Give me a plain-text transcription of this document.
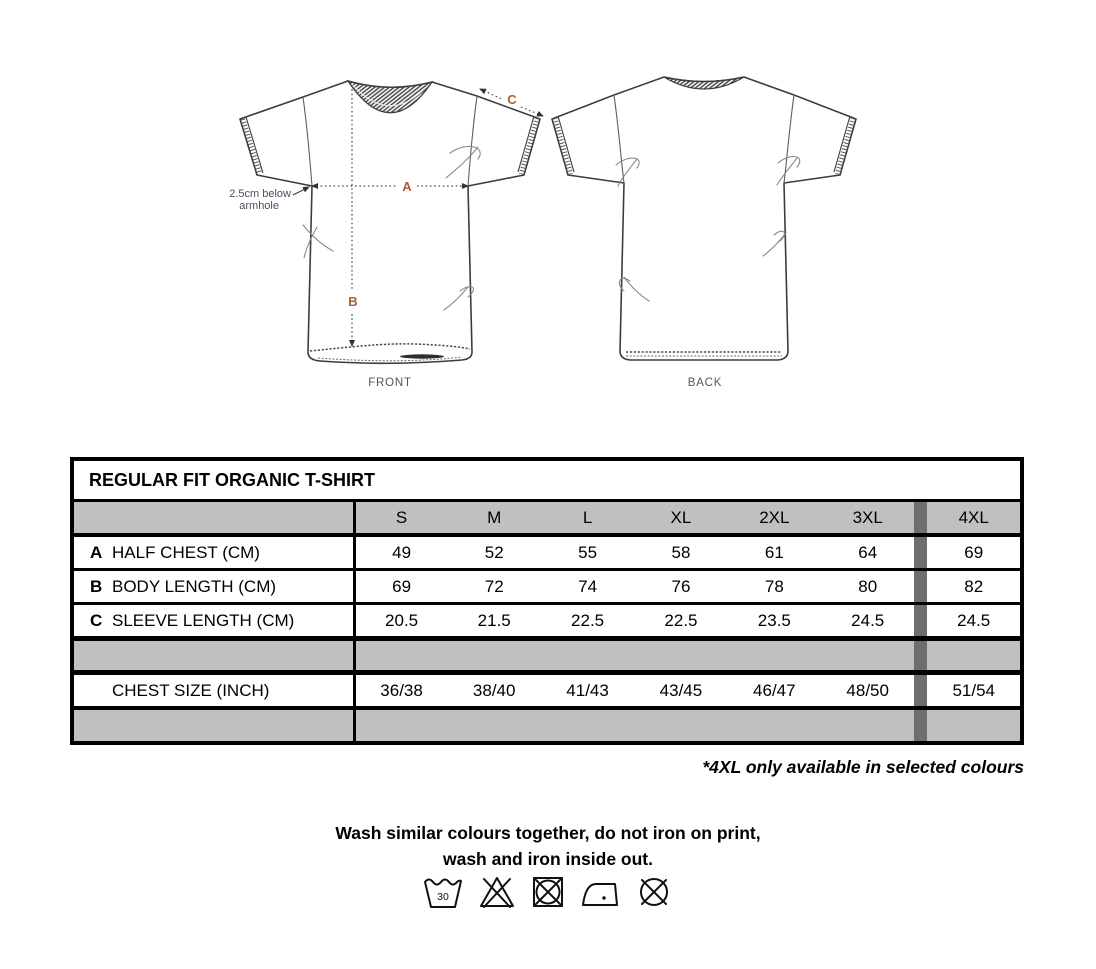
A
B
C
2.5cm below
armhole
FRONT	BACK
REGULAR FIT ORGANIC T-SHIRT								
	S	M	L	XL	2XL	3XL		4XL
A HALF CHEST (CM)	49	52	55	58	61	64		69
B BODY LENGTH (CM)	69	72	74	76	78	80		82
C SLEEVE LENGTH (CM)	20.5	21.5	22.5	22.5	23.5	24.5		24.5

CHEST SIZE (INCH)	36/38	38/40	41/43	43/45	46/47	48/50		51/54

*4XL only available in selected colours
Wash similar colours together, do not iron on print,
wash and iron inside out.
30
